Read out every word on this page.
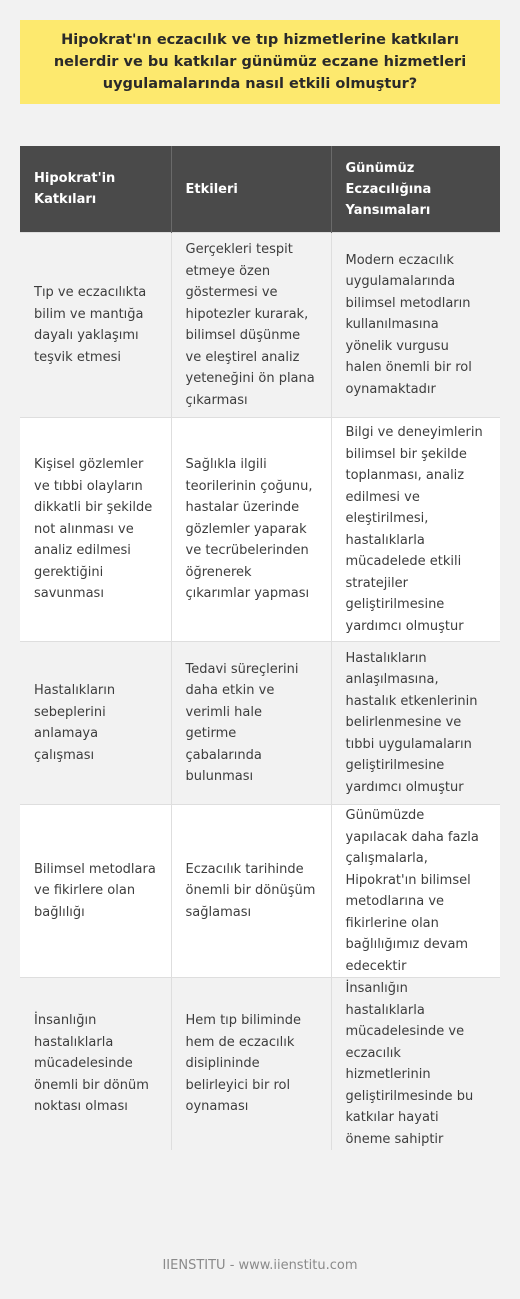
Hipokrat'ın eczacılık ve tıp hizmetlerine katkıları nelerdir ve bu katkılar günümüz eczane hizmetleri uygulamalarında nasıl etkili olmuştur?
Hipokrat'in Katkıları	Etkileri	Günümüz Eczacılığına Yansımaları
Tıp ve eczacılıkta bilim ve mantığa dayalı yaklaşımı teşvik etmesi	Gerçekleri tespit etmeye özen göstermesi ve hipotezler kurarak, bilimsel düşünme ve eleştirel analiz yeteneğini ön plana çıkarması	Modern eczacılık uygulamalarında bilimsel metodların kullanılmasına yönelik vurgusu halen önemli bir rol oynamaktadır
Kişisel gözlemler ve tıbbi olayların dikkatli bir şekilde not alınması ve analiz edilmesi gerektiğini savunması	Sağlıkla ilgili teorilerinin çoğunu, hastalar üzerinde gözlemler yaparak ve tecrübelerinden öğrenerek çıkarımlar yapması	Bilgi ve deneyimlerin bilimsel bir şekilde toplanması, analiz edilmesi ve eleştirilmesi, hastalıklarla mücadelede etkili stratejiler geliştirilmesine yardımcı olmuştur
Hastalıkların sebeplerini anlamaya çalışması	Tedavi süreçlerini daha etkin ve verimli hale getirme çabalarında bulunması	Hastalıkların anlaşılmasına, hastalık etkenlerinin belirlenmesine ve tıbbi uygulamaların geliştirilmesine yardımcı olmuştur
Bilimsel metodlara ve fikirlere olan bağlılığı	Eczacılık tarihinde önemli bir dönüşüm sağlaması	Günümüzde yapılacak daha fazla çalışmalarla, Hipokrat'ın bilimsel metodlarına ve fikirlerine olan bağlılığımız devam edecektir
İnsanlığın hastalıklarla mücadelesinde önemli bir dönüm noktası olması	Hem tıp biliminde hem de eczacılık disiplininde belirleyici bir rol oynaması	İnsanlığın hastalıklarla mücadelesinde ve eczacılık hizmetlerinin geliştirilmesinde bu katkılar hayati öneme sahiptir
IIENSTITU - www.iienstitu.com
